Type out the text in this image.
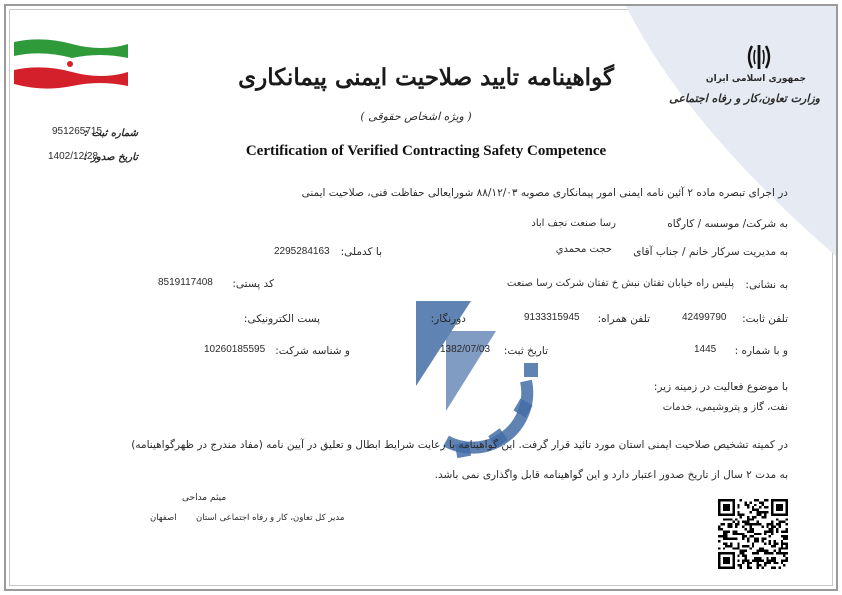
جمهوری اسلامی ایران
وزارت تعاون،کار و رفاه اجتماعی
گواهینامه تایید صلاحیت ایمنی پیمانکاری
( ویژه اشخاص حقوقی )
Certification of Verified Contracting Safety Competence
شماره ثبت :
951265715
تاریخ صدور :
1402/12/28
در اجرای تبصره ماده ۲ آئین نامه ایمنی امور پیمانکاری مصوبه ۸۸/۱۲/۰۳ شورایعالی حفاظت فنی، صلاحیت ایمنی
به شرکت/ موسسه / کارگاه
رسا صنعت نجف اباد
به مدیریت سرکار خانم / جناب آقای
حجت محمدي
با کدملی:
2295284163
به نشانی:
پلیس راه خیابان تفتان نبش خ تفتان شرکت رسا صنعت
کد پستی:
8519117408
تلفن ثابت:
42499790
تلفن همراه:
9133315945
دورنگار:
پست الکترونیکی:
و با شماره :
1445
تاریخ ثبت:
1382/07/03
و شناسه شرکت:
10260185595
با موضوع فعالیت در زمینه زیر:
نفت، گاز و پتروشیمی، خدمات
در کمیته تشخیص صلاحیت ایمنی استان مورد تائید قرار گرفت. این گواهینامه با رعایت شرایط ابطال و تعلیق در آیین نامه (مفاد مندرج در ظهرگواهینامه)
به مدت ۲ سال از تاریخ صدور اعتبار دارد و این گواهینامه قابل واگذاری نمی باشد.
میثم مداحی
مدیر کل تعاون، کار و رفاه اجتماعی استان
اصفهان
